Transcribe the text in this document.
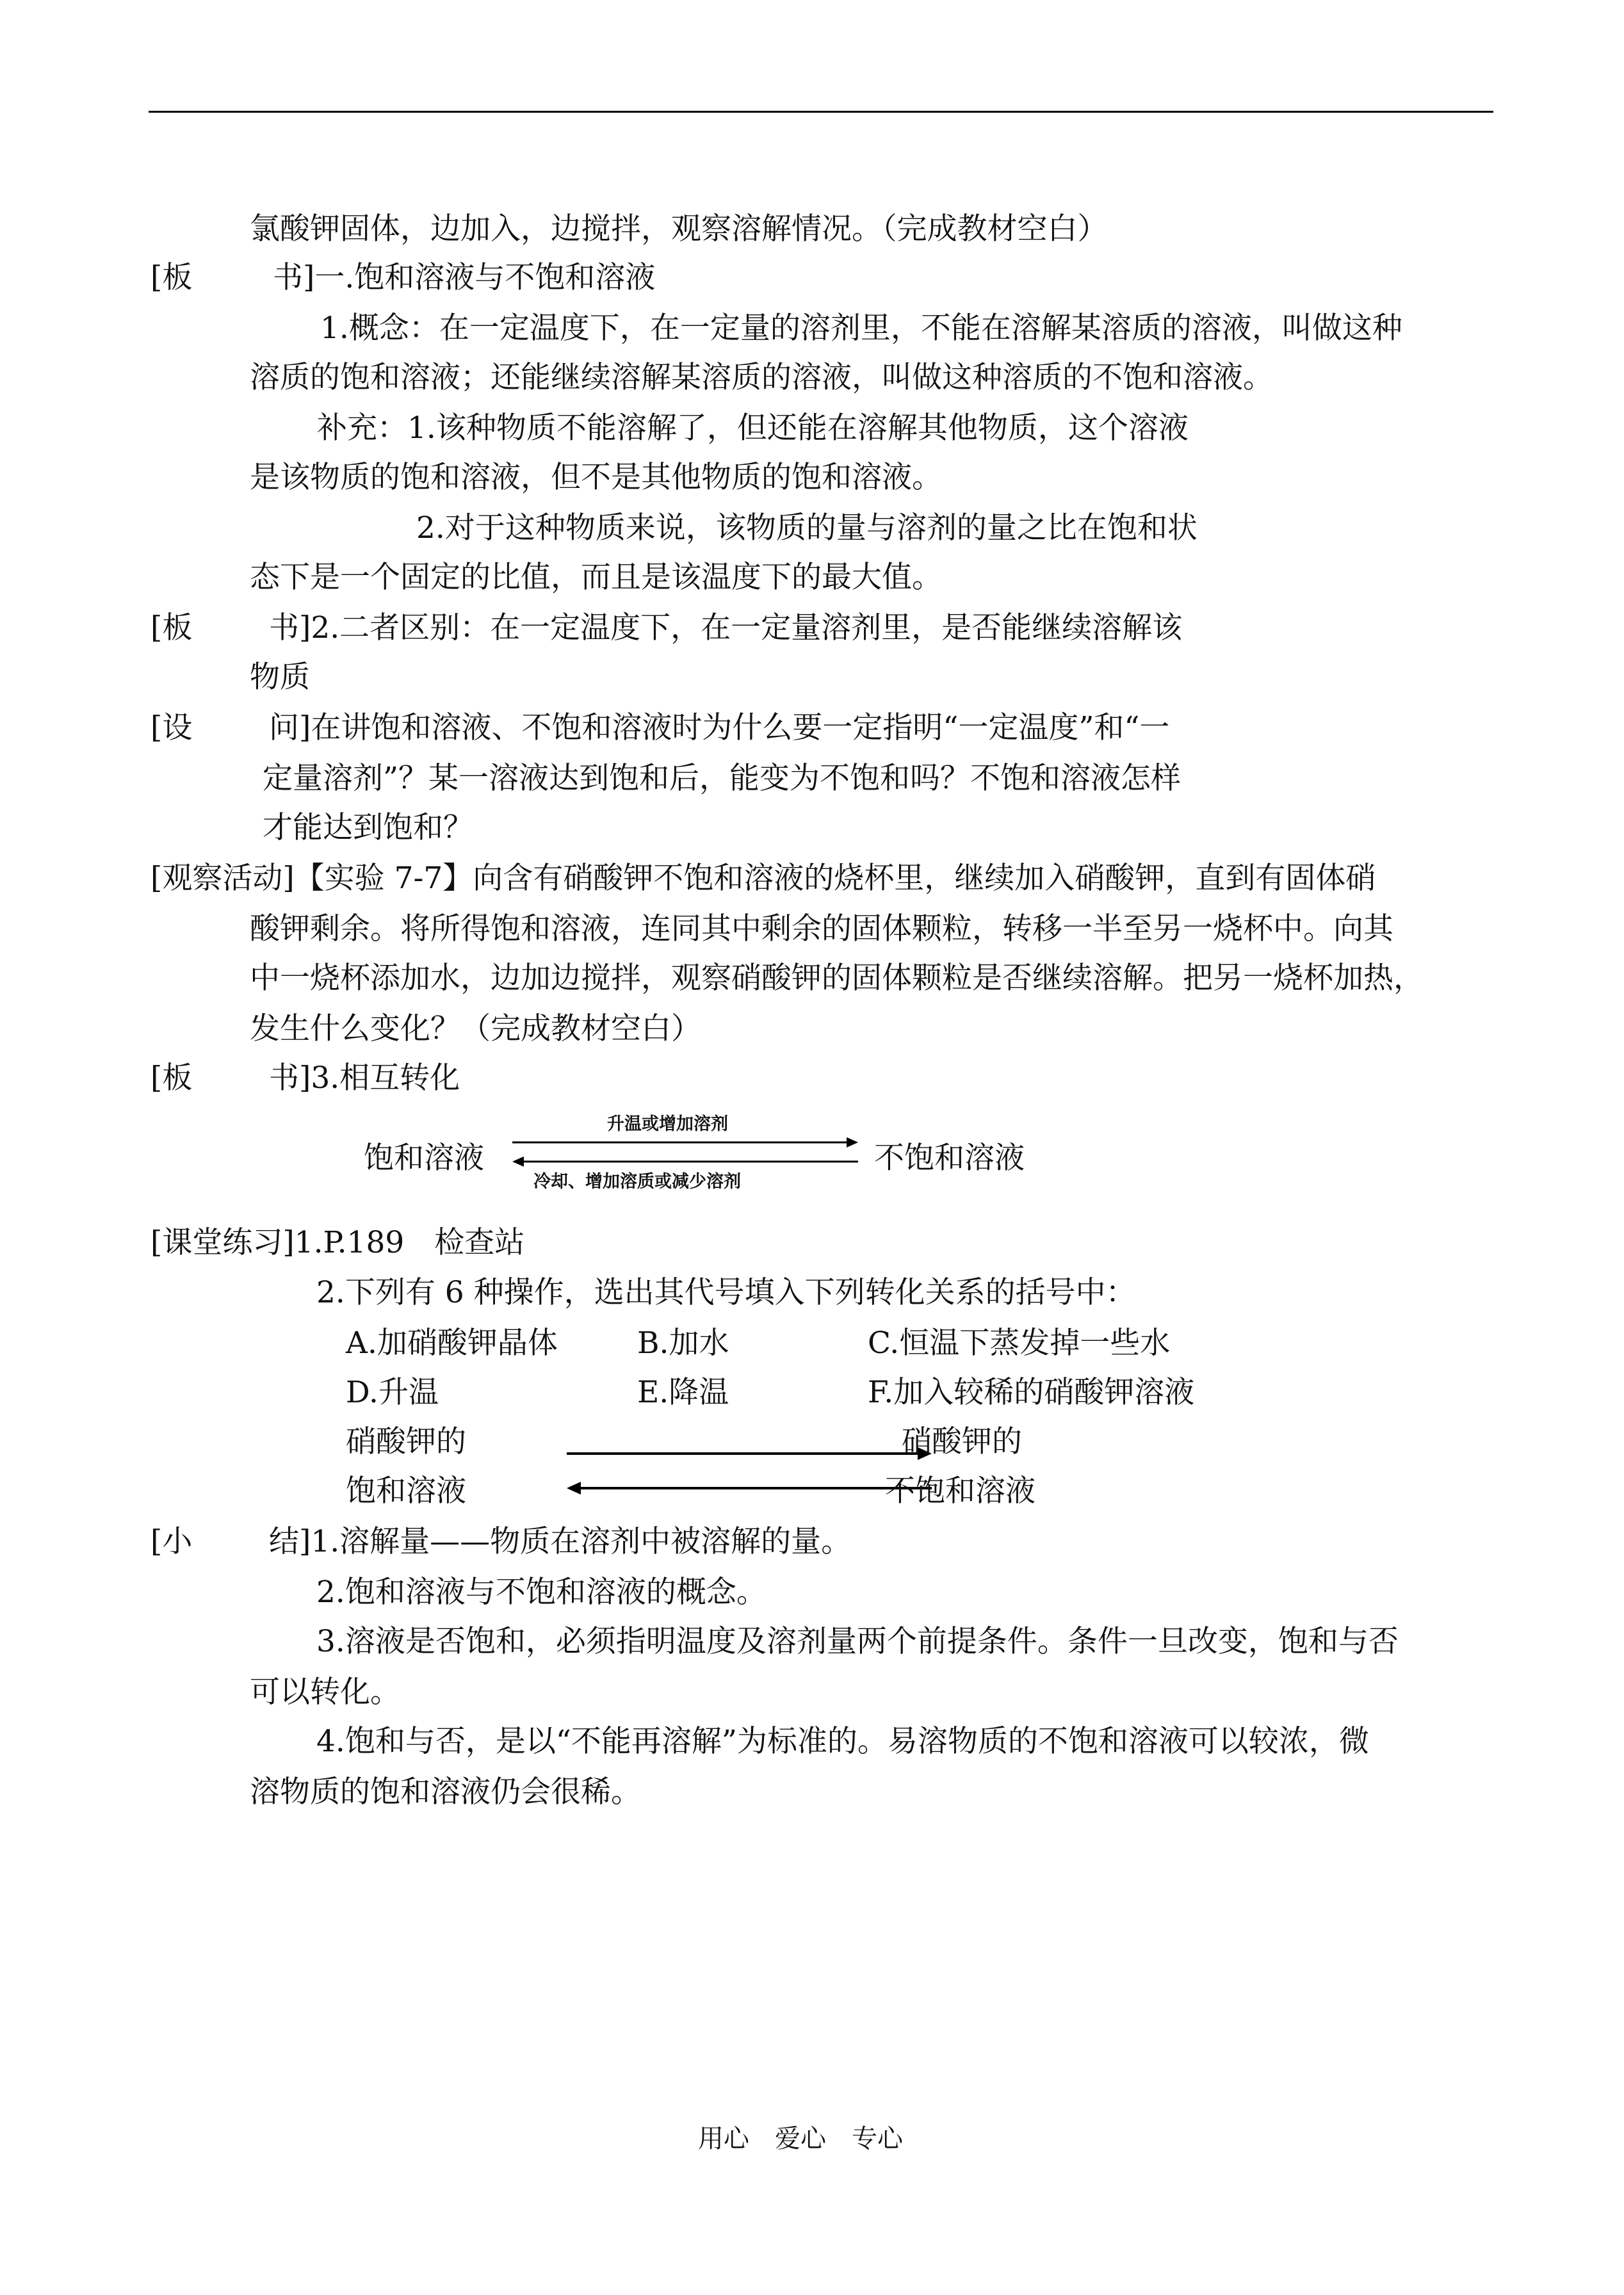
氯酸钾固体，边加入，边搅拌，观察溶解情况。（完成教材空白）
[板	书]一.饱和溶液与不饱和溶液
1.概念：在一定温度下，在一定量的溶剂里，不能在溶解某溶质的溶液，叫做这种
溶质的饱和溶液；还能继续溶解某溶质的溶液，叫做这种溶质的不饱和溶液。
补充：1.该种物质不能溶解了，但还能在溶解其他物质，这个溶液
是该物质的饱和溶液，但不是其他物质的饱和溶液。
2.对于这种物质来说，该物质的量与溶剂的量之比在饱和状
态下是一个固定的比值，而且是该温度下的最大值。
[板	书]2.二者区别：在一定温度下，在一定量溶剂里，是否能继续溶解该
物质
[设	问]在讲饱和溶液、不饱和溶液时为什么要一定指明“一定温度”和“一
定量溶剂”？某一溶液达到饱和后，能变为不饱和吗？不饱和溶液怎样
才能达到饱和？
[观察活动]【实验 7-7】向含有硝酸钾不饱和溶液的烧杯里，继续加入硝酸钾，直到有固体硝
酸钾剩余。将所得饱和溶液，连同其中剩余的固体颗粒，转移一半至另一烧杯中。向其
中一烧杯添加水，边加边搅拌，观察硝酸钾的固体颗粒是否继续溶解。把另一烧杯加热，
发生什么变化？（完成教材空白）
[板	书]3.相互转化
饱和溶液
升温或增加溶剂
冷却、增加溶质或减少溶剂
不饱和溶液
[课堂练习]1.P.189　检查站
2.下列有 6 种操作，选出其代号填入下列转化关系的括号中：
A.加硝酸钾晶体	B.加水	C.恒温下蒸发掉一些水
D.升温	E.降温	F.加入较稀的硝酸钾溶液
硝酸钾的
饱和溶液
硝酸钾的
不饱和溶液
[小	结]1.溶解量——物质在溶剂中被溶解的量。
2.饱和溶液与不饱和溶液的概念。
3.溶液是否饱和，必须指明温度及溶剂量两个前提条件。条件一旦改变，饱和与否
可以转化。
4.饱和与否，是以“不能再溶解”为标准的。易溶物质的不饱和溶液可以较浓，微
溶物质的饱和溶液仍会很稀。
用心　爱心　专心
